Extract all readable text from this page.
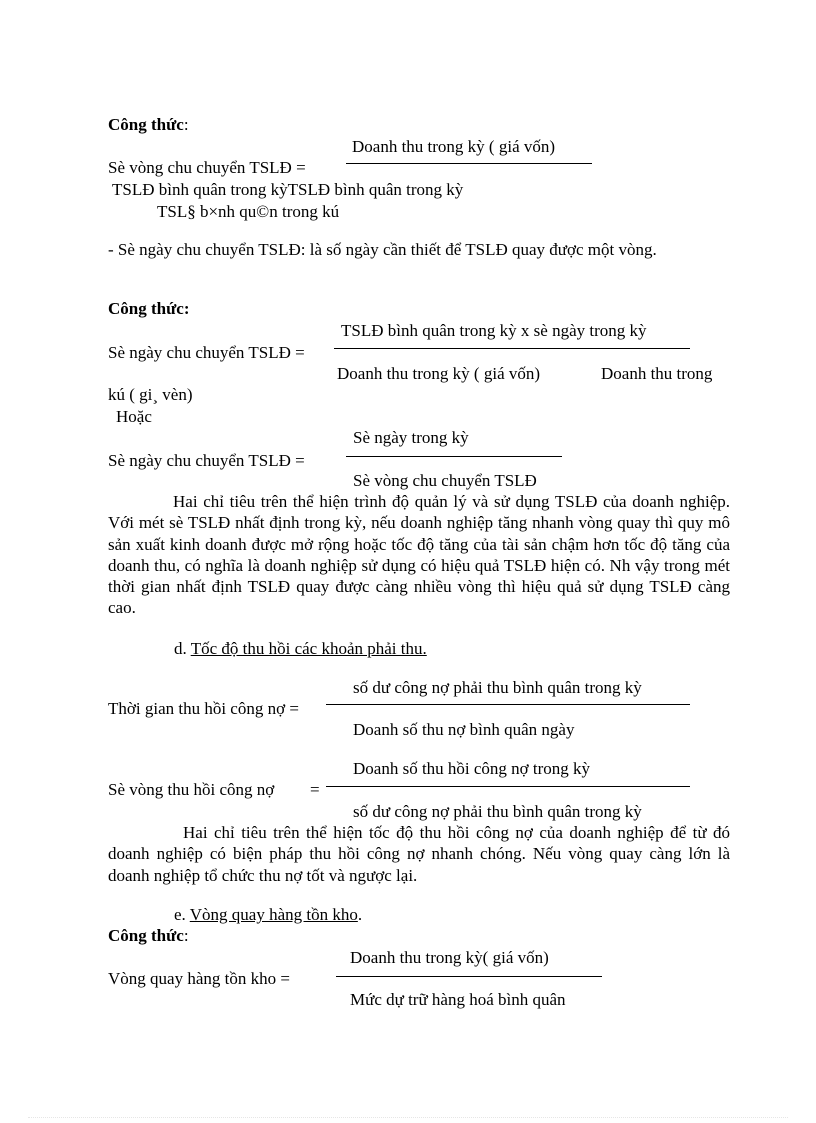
Công thức:
Doanh thu trong kỳ ( giá vốn)
Sè vòng chu chuyển TSLĐ =
TSLĐ bình quân trong kỳTSLĐ bình quân trong kỳ
TSL§ b×nh qu©n trong kú
- Sè ngày chu chuyển TSLĐ: là số ngày cần thiết để TSLĐ quay được một vòng.
Công thức:
TSLĐ bình quân trong kỳ x sè ngày trong kỳ
Sè ngày chu chuyển TSLĐ =
Doanh thu trong kỳ ( giá vốn)	Doanh thu trong
kú ( gi¸ vèn)
Hoặc
Sè ngày trong kỳ
Sè ngày chu chuyển TSLĐ =
Sè vòng chu chuyển TSLĐ
Hai chỉ tiêu trên thể hiện trình độ quản lý và sử dụng TSLĐ của doanh nghiệp. Với mét sè TSLĐ nhất định trong kỳ, nếu doanh nghiệp tăng nhanh vòng quay thì quy mô sản xuất kinh doanh được mở rộng hoặc tốc độ tăng của tài sản chậm hơn tốc độ tăng của doanh thu, có nghĩa là doanh nghiệp sử dụng có hiệu quả TSLĐ hiện có. Nh vậy trong mét thời gian nhất định TSLĐ quay được càng nhiều vòng thì hiệu quả sử dụng TSLĐ càng cao.
d. Tốc độ thu hồi các khoản phải thu.
số dư công nợ phải thu bình quân trong kỳ
Thời gian thu hồi công nợ =
Doanh số thu nợ bình quân ngày
Doanh số thu hồi công nợ trong kỳ
Sè vòng thu hồi công nợ =
số dư công nợ phải thu bình quân trong kỳ
Hai chỉ tiêu trên thể hiện tốc độ thu hồi công nợ của doanh nghiệp để từ đó doanh nghiệp có biện pháp thu hồi công nợ nhanh chóng. Nếu vòng quay càng lớn là doanh nghiệp tổ chức thu nợ tốt và ngược lại.
e. Vòng quay hàng tồn kho.
Công thức:
Doanh thu trong kỳ( giá vốn)
Vòng quay hàng tồn kho =
Mức dự trữ hàng hoá bình quân
